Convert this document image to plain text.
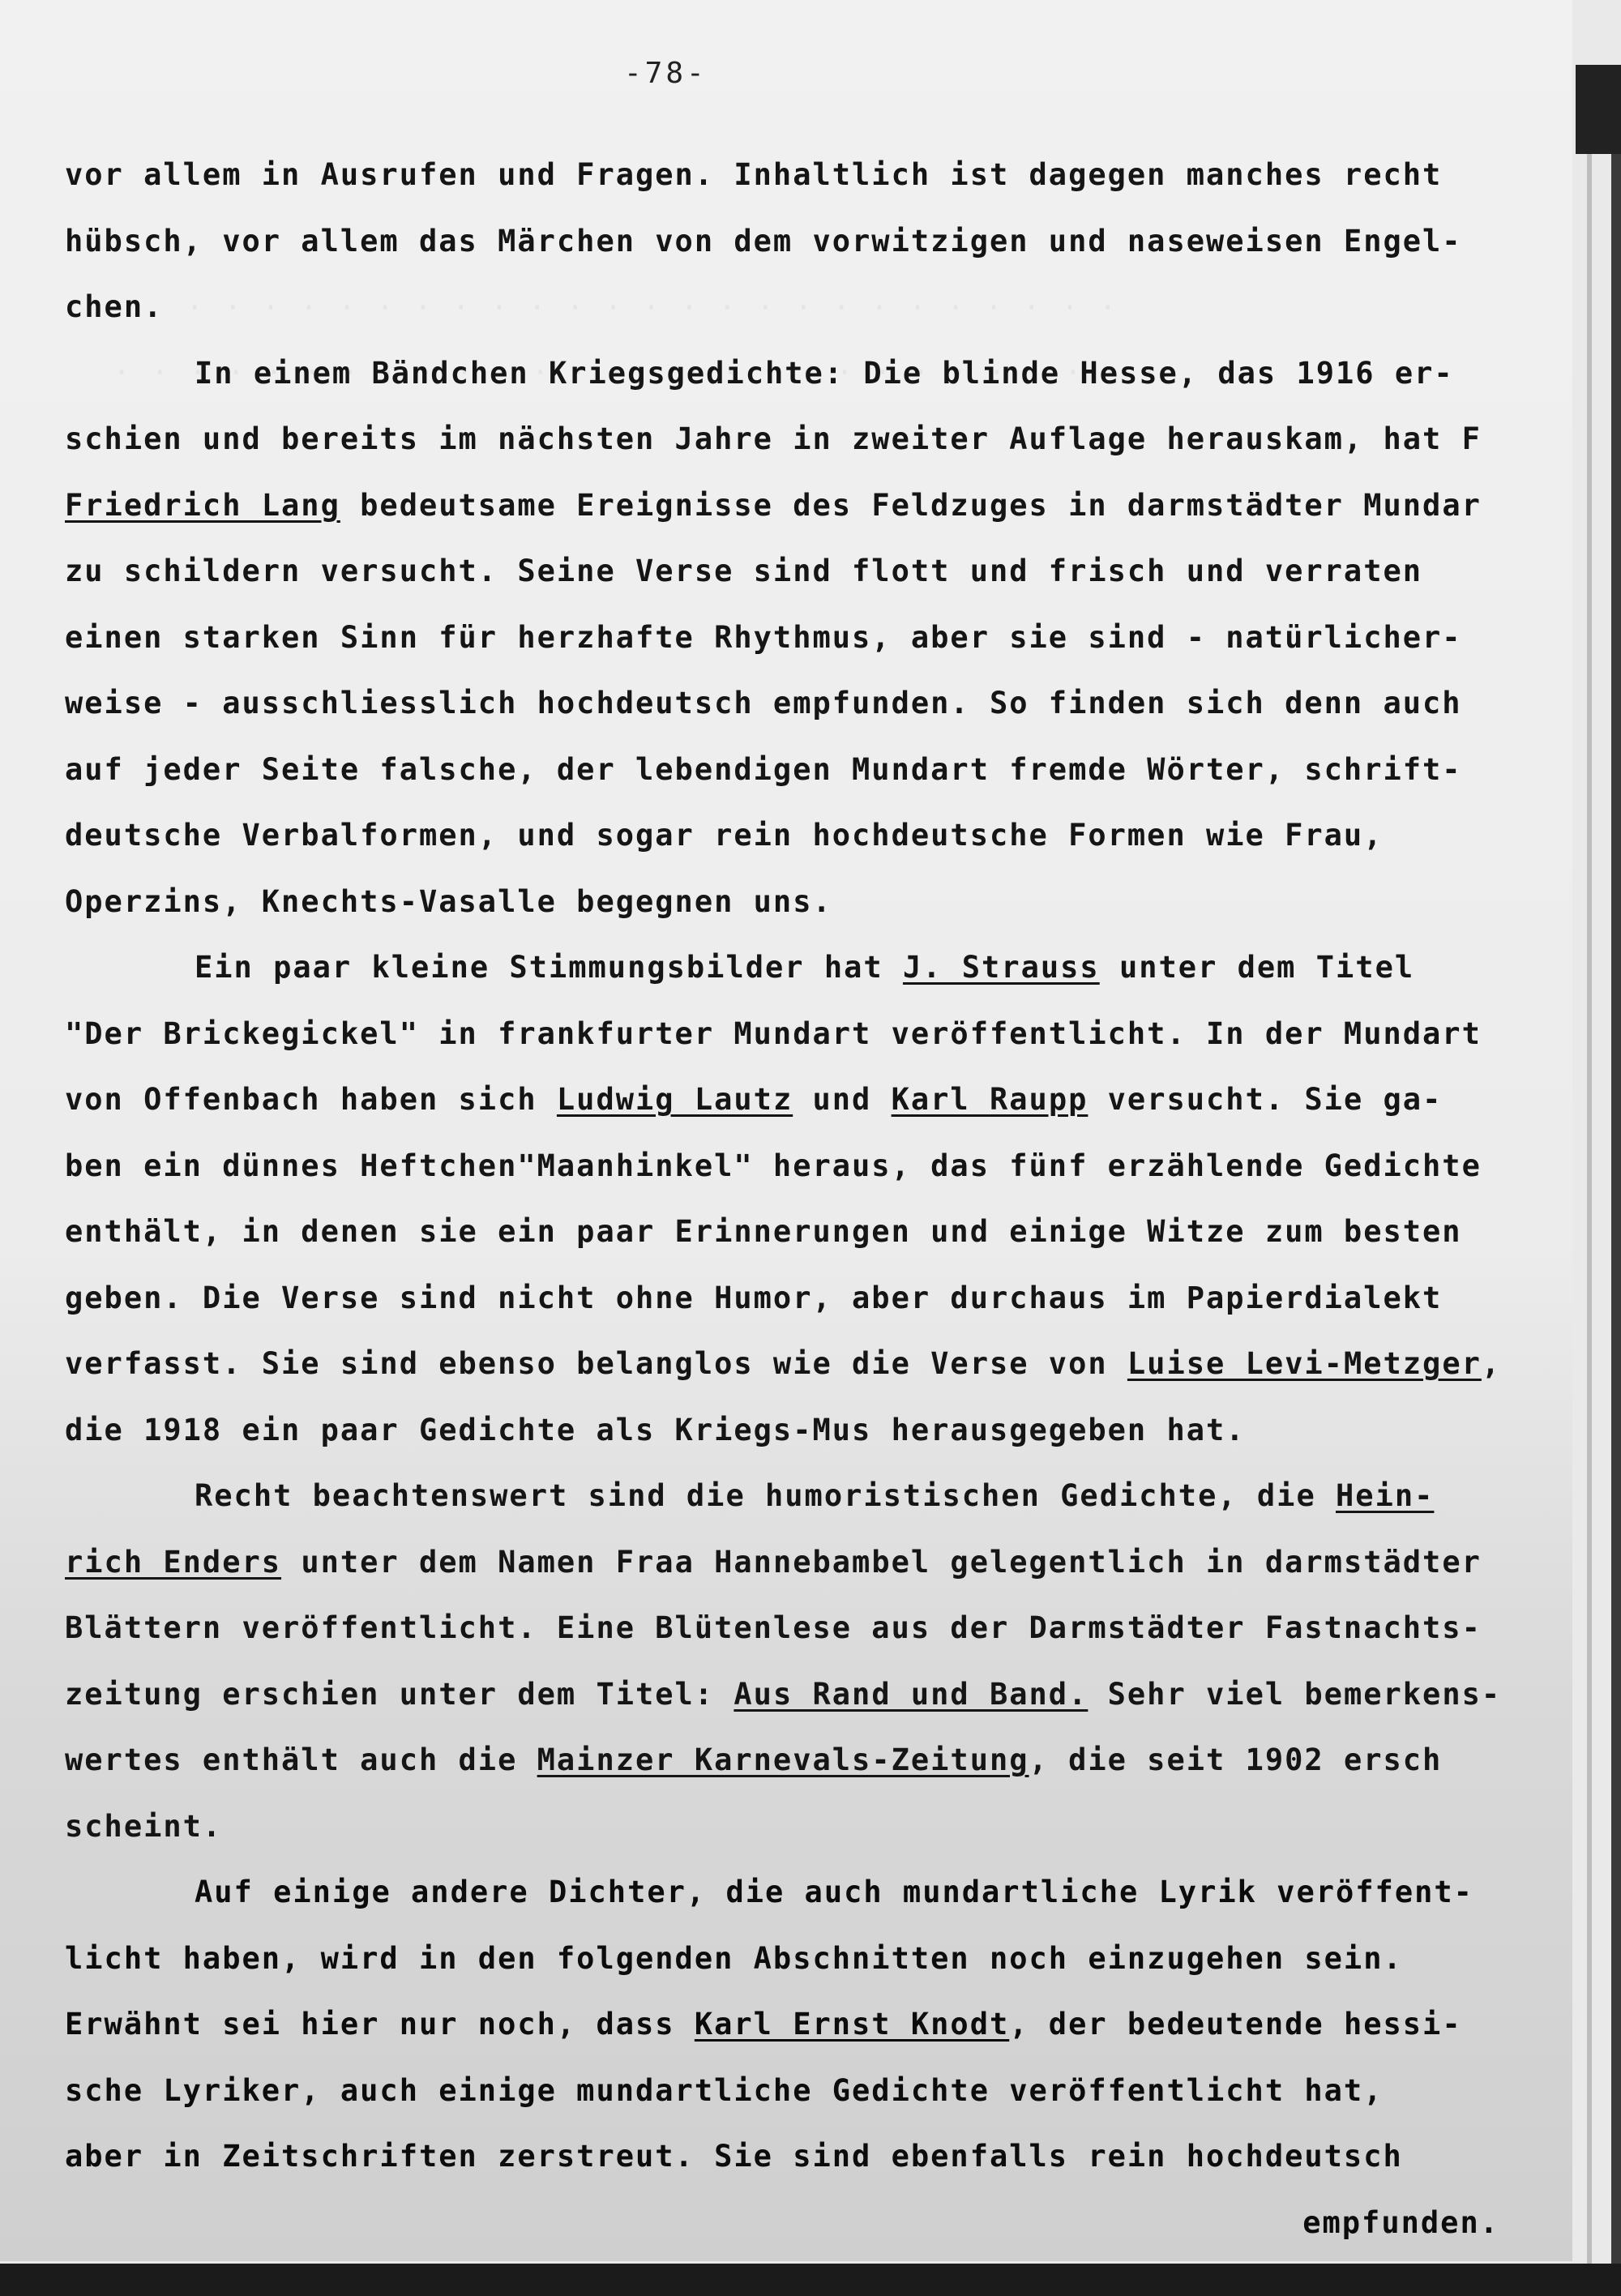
-78-
vor allem in Ausrufen und Fragen. Inhaltlich ist dagegen manches recht
hübsch, vor allem das Märchen von dem vorwitzigen und naseweisen Engel-
chen.
In einem Bändchen Kriegsgedichte: Die blinde Hesse, das 1916 er-
schien und bereits im nächsten Jahre in zweiter Auflage herauskam, hat F
Friedrich Lang bedeutsame Ereignisse des Feldzuges in darmstädter Mundar
zu schildern versucht. Seine Verse sind flott und frisch und verraten
einen starken Sinn für herzhafte Rhythmus, aber sie sind - natürlicher-
weise - ausschliesslich hochdeutsch empfunden. So finden sich denn auch
auf jeder Seite falsche, der lebendigen Mundart fremde Wörter, schrift-
deutsche Verbalformen, und sogar rein hochdeutsche Formen wie Frau,
Operzins, Knechts-Vasalle begegnen uns.
Ein paar kleine Stimmungsbilder hat J. Strauss unter dem Titel
"Der Brickegickel" in frankfurter Mundart veröffentlicht. In der Mundart
von Offenbach haben sich Ludwig Lautz und Karl Raupp versucht. Sie ga-
ben ein dünnes Heftchen"Maanhinkel" heraus, das fünf erzählende Gedichte
enthält, in denen sie ein paar Erinnerungen und einige Witze zum besten
geben. Die Verse sind nicht ohne Humor, aber durchaus im Papierdialekt
verfasst. Sie sind ebenso belanglos wie die Verse von Luise Levi-Metzger,
die 1918 ein paar Gedichte als Kriegs-Mus herausgegeben hat.
Recht beachtenswert sind die humoristischen Gedichte, die Hein-
rich Enders unter dem Namen Fraa Hannebambel gelegentlich in darmstädter
Blättern veröffentlicht. Eine Blütenlese aus der Darmstädter Fastnachts-
zeitung erschien unter dem Titel: Aus Rand und Band. Sehr viel bemerkens-
wertes enthält auch die Mainzer Karnevals-Zeitung, die seit 1902 ersch
scheint.
Auf einige andere Dichter, die auch mundartliche Lyrik veröffent-
licht haben, wird in den folgenden Abschnitten noch einzugehen sein.
Erwähnt sei hier nur noch, dass Karl Ernst Knodt, der bedeutende hessi-
sche Lyriker, auch einige mundartliche Gedichte veröffentlicht hat,
aber in Zeitschriften zerstreut. Sie sind ebenfalls rein hochdeutsch
empfunden.
